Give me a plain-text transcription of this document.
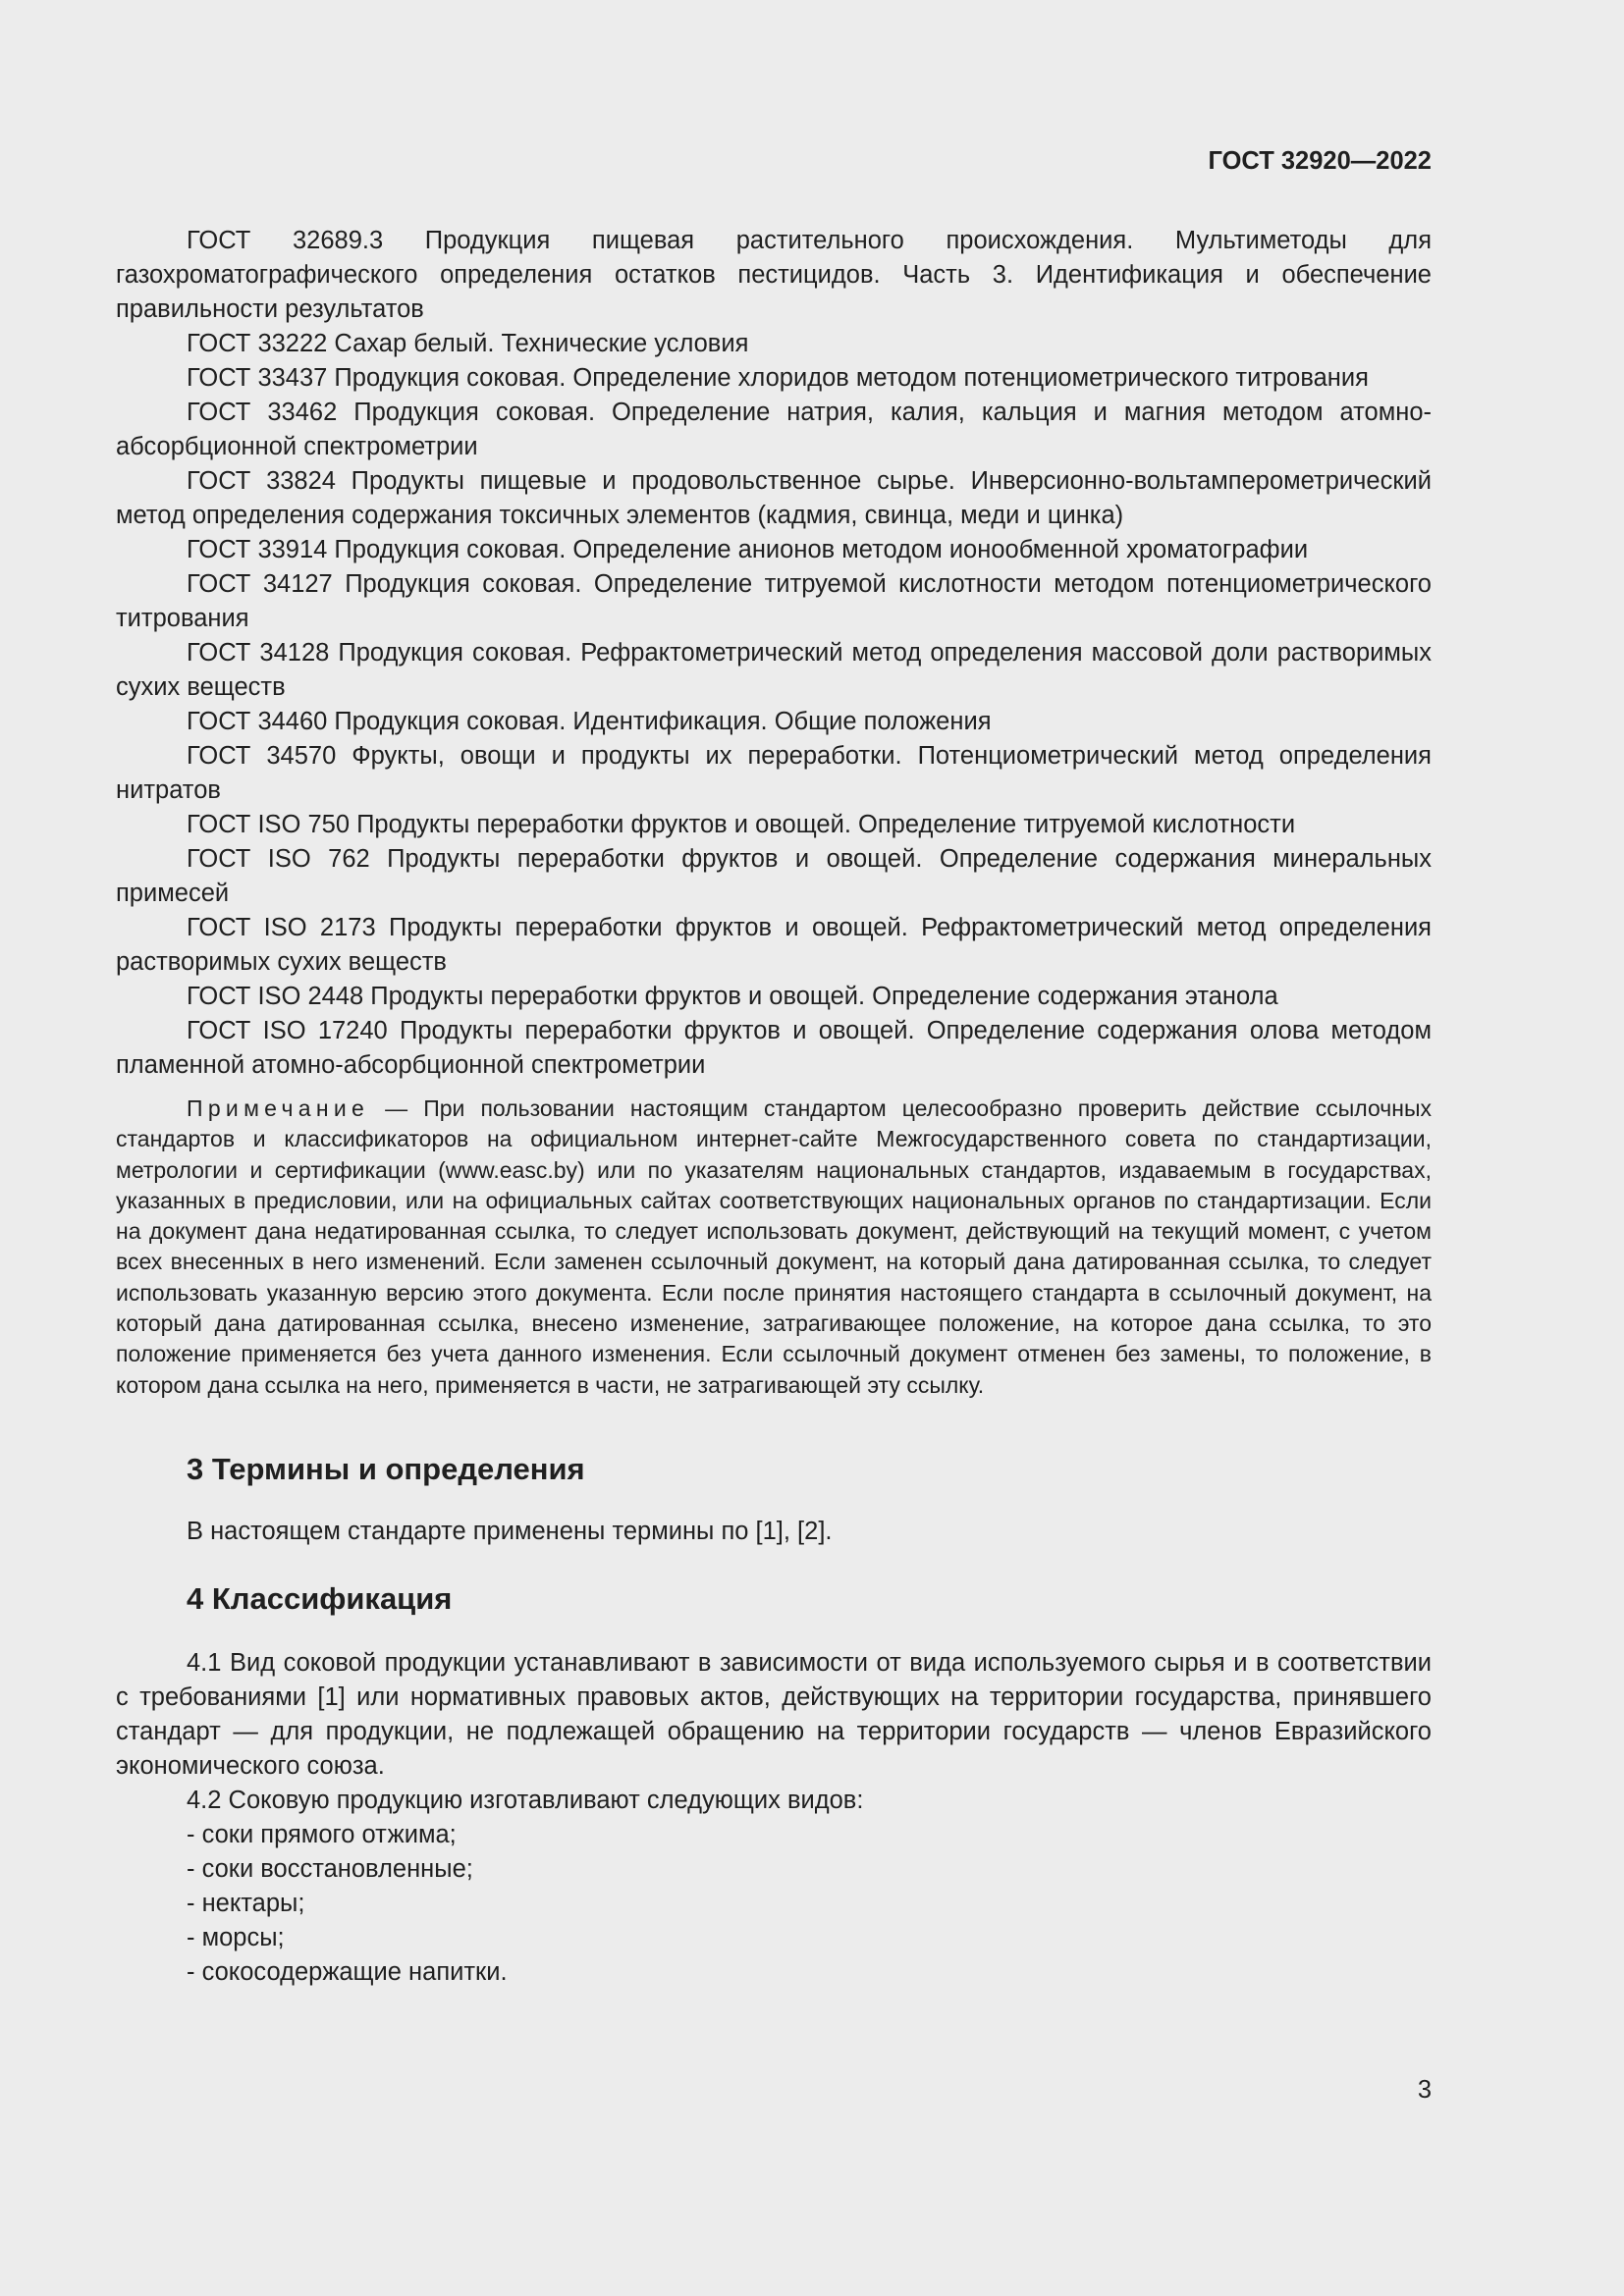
ГОСТ 32920—2022

ГОСТ 32689.3 Продукция пищевая растительного происхождения. Мультиметоды для газохроматографического определения остатков пестицидов. Часть 3. Идентификация и обеспечение правильности результатов

ГОСТ 33222 Сахар белый. Технические условия

ГОСТ 33437 Продукция соковая. Определение хлоридов методом потенциометрического титрования

ГОСТ 33462 Продукция соковая. Определение натрия, калия, кальция и магния методом атомно-абсорбционной спектрометрии

ГОСТ 33824 Продукты пищевые и продовольственное сырье. Инверсионно-вольтамперометрический метод определения содержания токсичных элементов (кадмия, свинца, меди и цинка)

ГОСТ 33914 Продукция соковая. Определение анионов методом ионообменной хроматографии

ГОСТ 34127 Продукция соковая. Определение титруемой кислотности методом потенциометрического титрования

ГОСТ 34128 Продукция соковая. Рефрактометрический метод определения массовой доли растворимых сухих веществ

ГОСТ 34460 Продукция соковая. Идентификация. Общие положения

ГОСТ 34570 Фрукты, овощи и продукты их переработки. Потенциометрический метод определения нитратов

ГОСТ ISO 750 Продукты переработки фруктов и овощей. Определение титруемой кислотности

ГОСТ ISO 762 Продукты переработки фруктов и овощей. Определение содержания минеральных примесей

ГОСТ ISO 2173 Продукты переработки фруктов и овощей. Рефрактометрический метод определения растворимых сухих веществ

ГОСТ ISO 2448 Продукты переработки фруктов и овощей. Определение содержания этанола

ГОСТ ISO 17240 Продукты переработки фруктов и овощей. Определение содержания олова методом пламенной атомно-абсорбционной спектрометрии

Примечание — При пользовании настоящим стандартом целесообразно проверить действие ссылочных стандартов и классификаторов на официальном интернет-сайте Межгосударственного совета по стандартизации, метрологии и сертификации (www.easc.by) или по указателям национальных стандартов, издаваемым в государствах, указанных в предисловии, или на официальных сайтах соответствующих национальных органов по стандартизации. Если на документ дана недатированная ссылка, то следует использовать документ, действующий на текущий момент, с учетом всех внесенных в него изменений. Если заменен ссылочный документ, на который дана датированная ссылка, то следует использовать указанную версию этого документа. Если после принятия настоящего стандарта в ссылочный документ, на который дана датированная ссылка, внесено изменение, затрагивающее положение, на которое дана ссылка, то это положение применяется без учета данного изменения. Если ссылочный документ отменен без замены, то положение, в котором дана ссылка на него, применяется в части, не затрагивающей эту ссылку.

3 Термины и определения

В настоящем стандарте применены термины по [1], [2].

4 Классификация

4.1 Вид соковой продукции устанавливают в зависимости от вида используемого сырья и в соответствии с требованиями [1] или нормативных правовых актов, действующих на территории государства, принявшего стандарт — для продукции, не подлежащей обращению на территории государств — членов Евразийского экономического союза.

4.2 Соковую продукцию изготавливают следующих видов:

- соки прямого отжима;

- соки восстановленные;

- нектары;

- морсы;

- сокосодержащие напитки.

3
